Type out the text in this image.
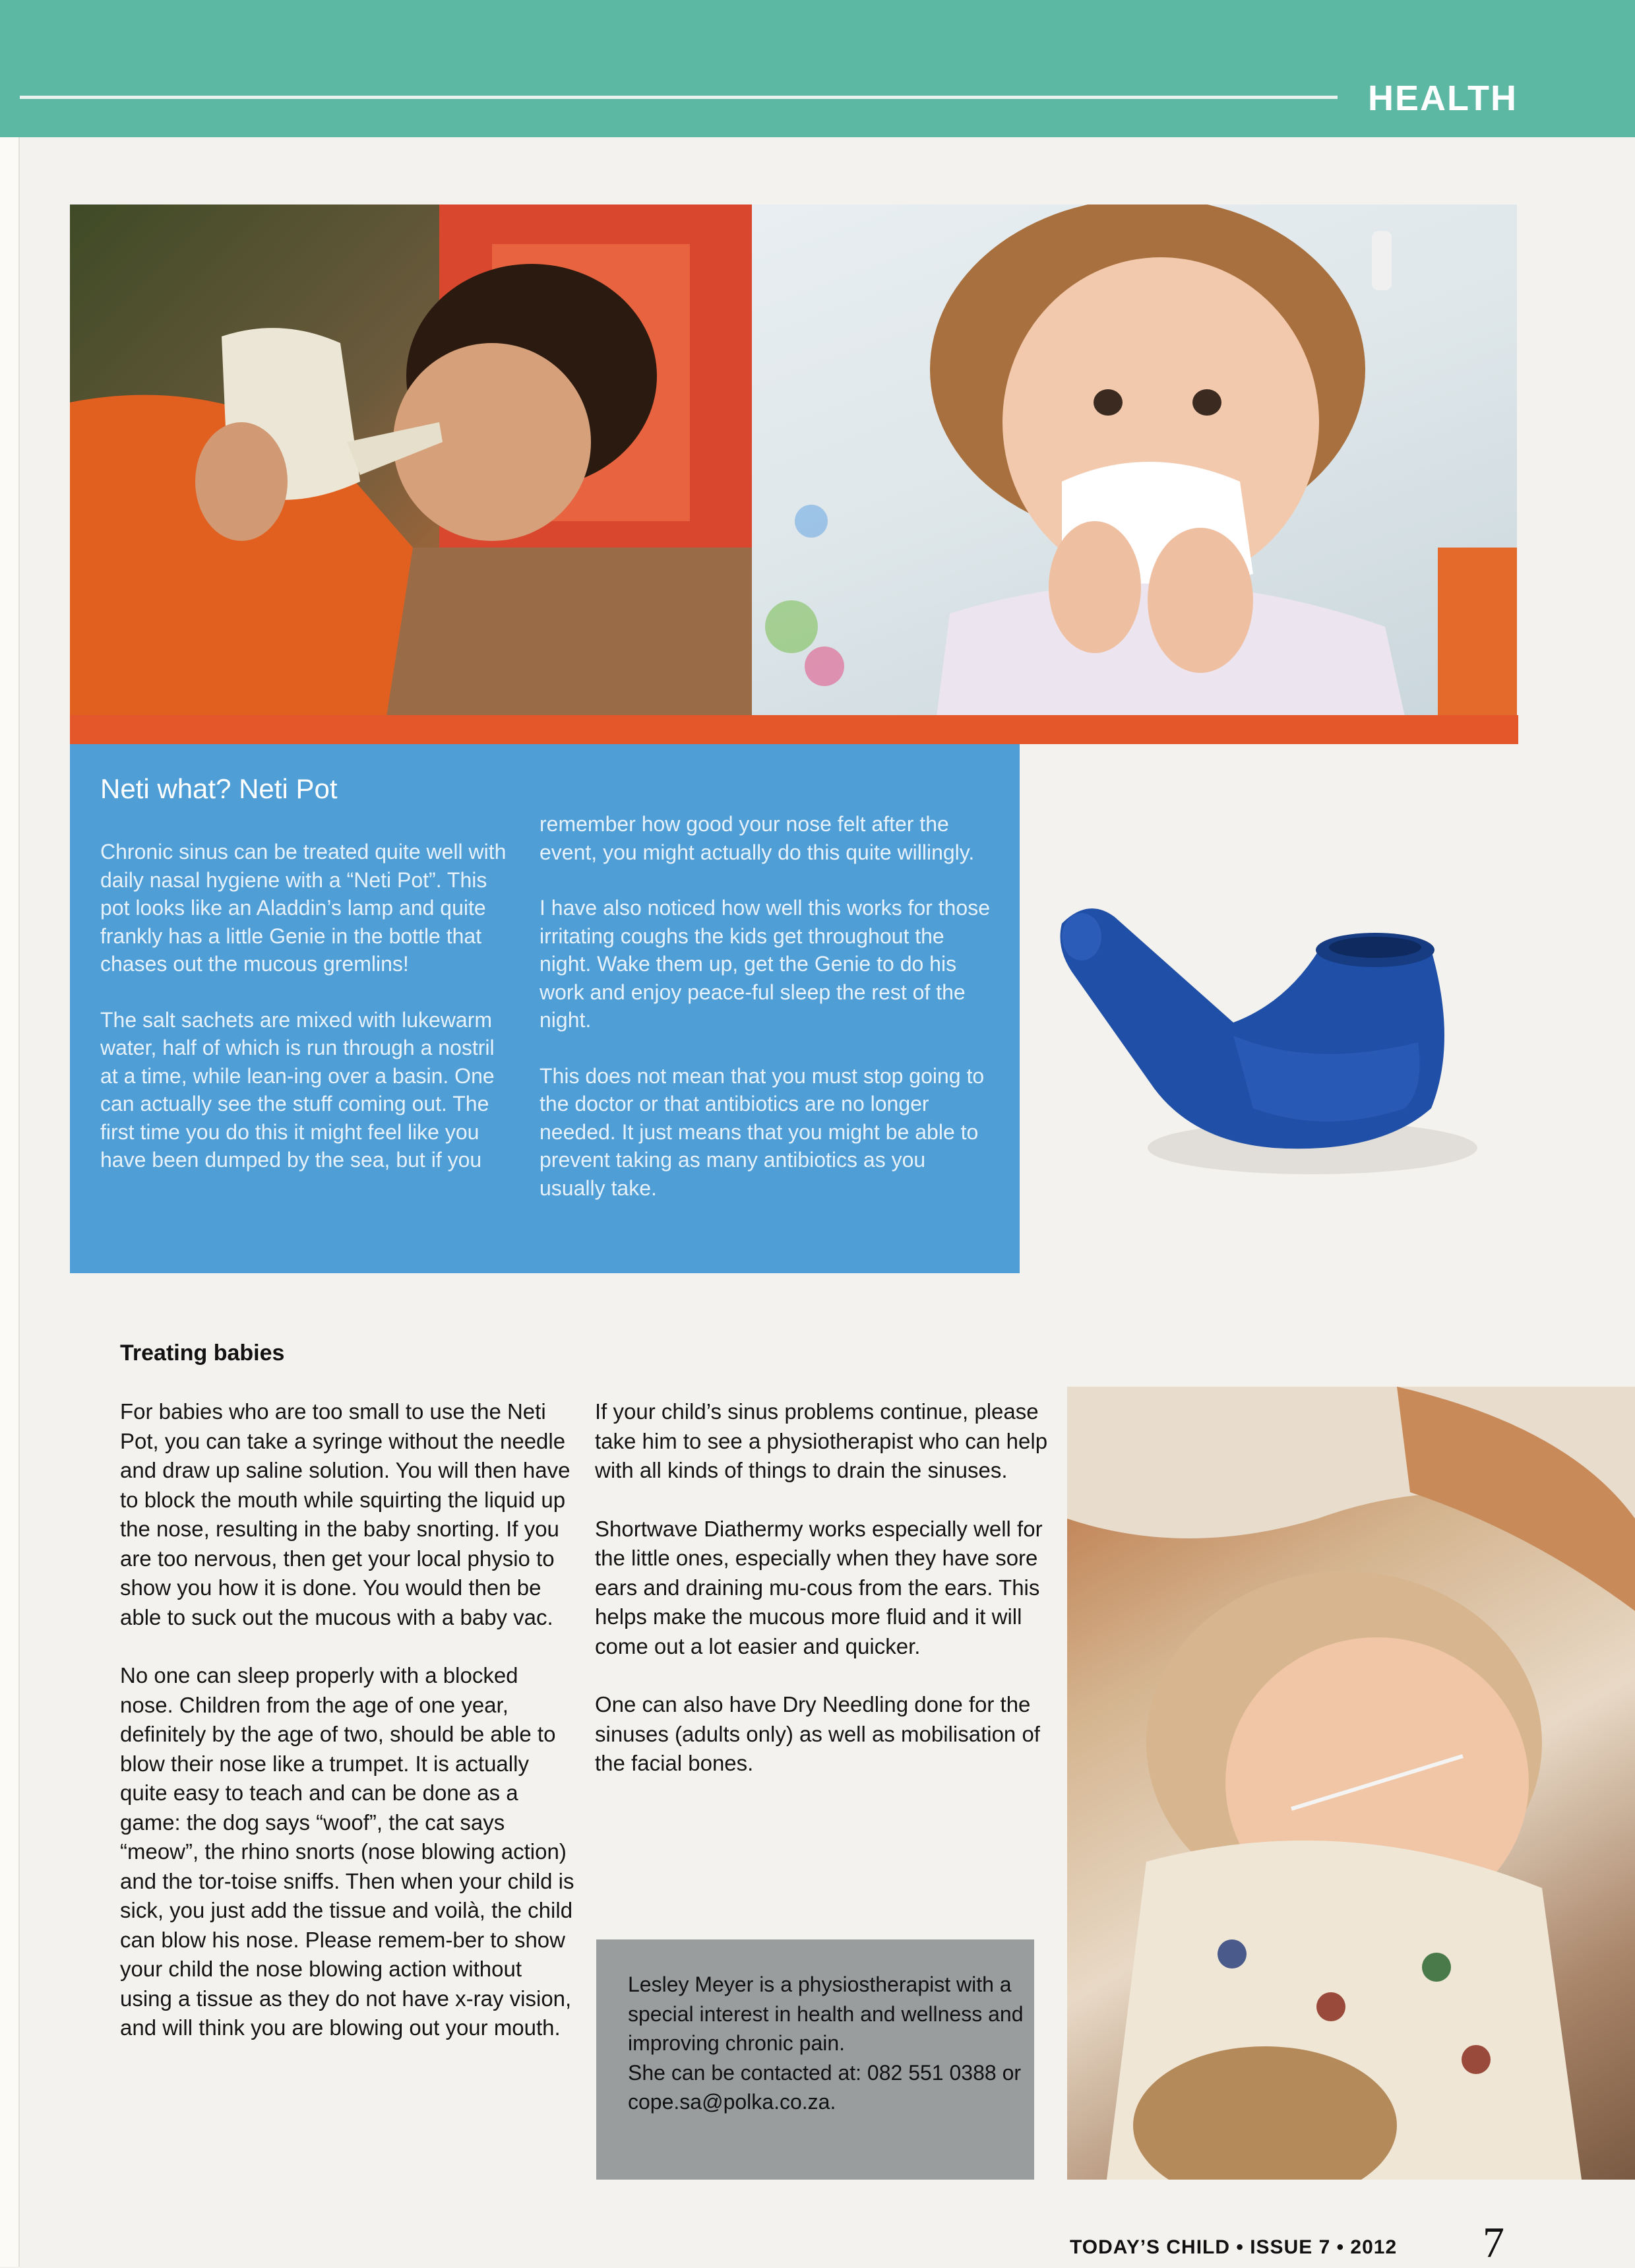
HEALTH
Neti what? Neti Pot

Chronic sinus can be treated quite well with daily nasal hygiene with a “Neti Pot”. This pot looks like an Aladdin’s lamp and quite frankly has a little Genie in the bottle that chases out the mucous gremlins!

The salt sachets are mixed with lukewarm water, half of which is run through a nostril at a time, while lean-ing over a basin. One can actually see the stuff coming out. The first time you do this it might feel like you have been dumped by the sea, but if you

remember how good your nose felt after the event, you might actually do this quite willingly.

I have also noticed how well this works for those irritating coughs the kids get throughout the night. Wake them up, get the Genie to do his work and enjoy peace-ful sleep the rest of the night.

This does not mean that you must stop going to the doctor or that antibiotics are no longer needed. It just means that you might be able to prevent taking as many antibiotics as you usually take.

Treating babies

For babies who are too small to use the Neti Pot, you can take a syringe without the needle and draw up saline solution. You will then have to block the mouth while squirting the liquid up the nose, resulting in the baby snorting. If you are too nervous, then get your local physio to show you how it is done. You would then be able to suck out the mucous with a baby vac.

No one can sleep properly with a blocked nose. Children from the age of one year, definitely by the age of two, should be able to blow their nose like a trumpet. It is actually quite easy to teach and can be done as a game: the dog says “woof”, the cat says “meow”, the rhino snorts (nose blowing action) and the tor-toise sniffs. Then when your child is sick, you just add the tissue and voilà, the child can blow his nose. Please remem-ber to show your child the nose blowing action without using a tissue as they do not have x-ray vision, and will think you are blowing out your mouth.

If your child’s sinus problems continue, please take him to see a physiotherapist who can help with all kinds of things to drain the sinuses.

Shortwave Diathermy works especially well for the little ones, especially when they have sore ears and draining mu-cous from the ears. This helps make the mucous more fluid and it will come out a lot easier and quicker.

One can also have Dry Needling done for the sinuses (adults only) as well as mobilisation of the facial bones.

Lesley Meyer is a physiostherapist with a special interest in health and wellness and improving chronic pain.
She can be contacted at: 082 551 0388 or cope.sa@polka.co.za.
TODAY’S CHILD • ISSUE 7 • 2012 7
